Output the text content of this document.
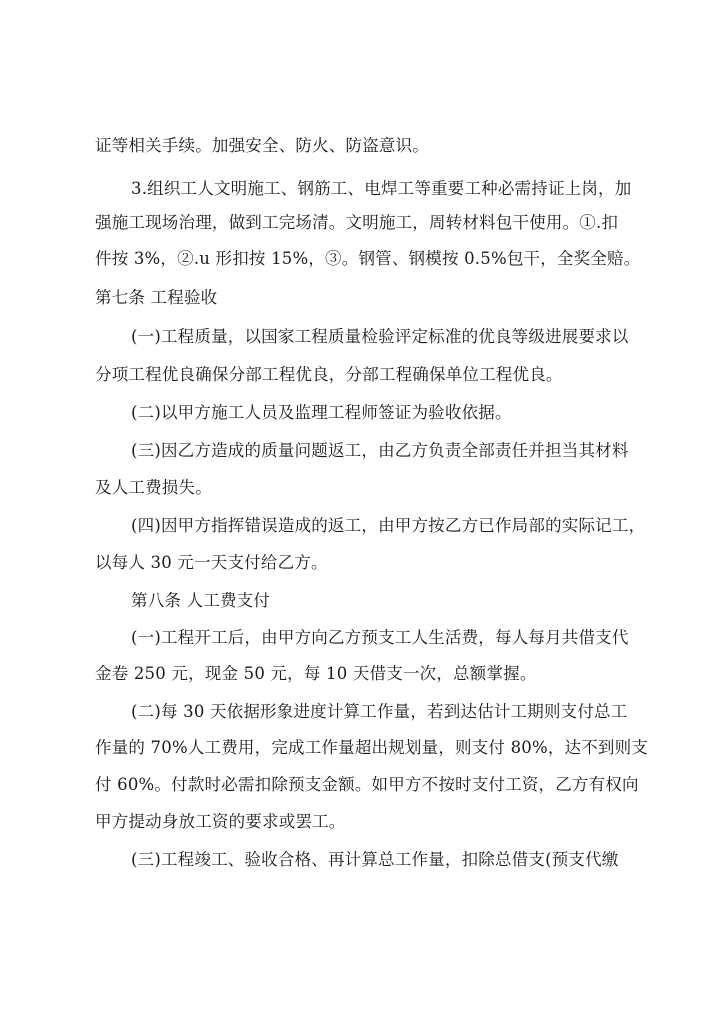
证等相关手续。加强安全、防火、防盗意识。
3.组织工人文明施工、钢筋工、电焊工等重要工种必需持证上岗，加
强施工现场治理，做到工完场清。文明施工，周转材料包干使用。①.扣
件按 3%，②.u 形扣按 15%，③。钢管、钢模按 0.5%包干，全奖全赔。
第七条 工程验收
(一)工程质量，以国家工程质量检验评定标准的优良等级进展要求以
分项工程优良确保分部工程优良，分部工程确保单位工程优良。
(二)以甲方施工人员及监理工程师签证为验收依据。
(三)因乙方造成的质量问题返工，由乙方负责全部责任并担当其材料
及人工费损失。
(四)因甲方指挥错误造成的返工，由甲方按乙方已作局部的实际记工，
以每人 30 元一天支付给乙方。
第八条 人工费支付
(一)工程开工后，由甲方向乙方预支工人生活费，每人每月共借支代
金卷 250 元，现金 50 元，每 10 天借支一次，总额掌握。
(二)每 30 天依据形象进度计算工作量，若到达估计工期则支付总工
作量的 70%人工费用，完成工作量超出规划量，则支付 80%，达不到则支
付 60%。付款时必需扣除预支金额。如甲方不按时支付工资，乙方有权向
甲方提动身放工资的要求或罢工。
(三)工程竣工、验收合格、再计算总工作量，扣除总借支(预支代缴
